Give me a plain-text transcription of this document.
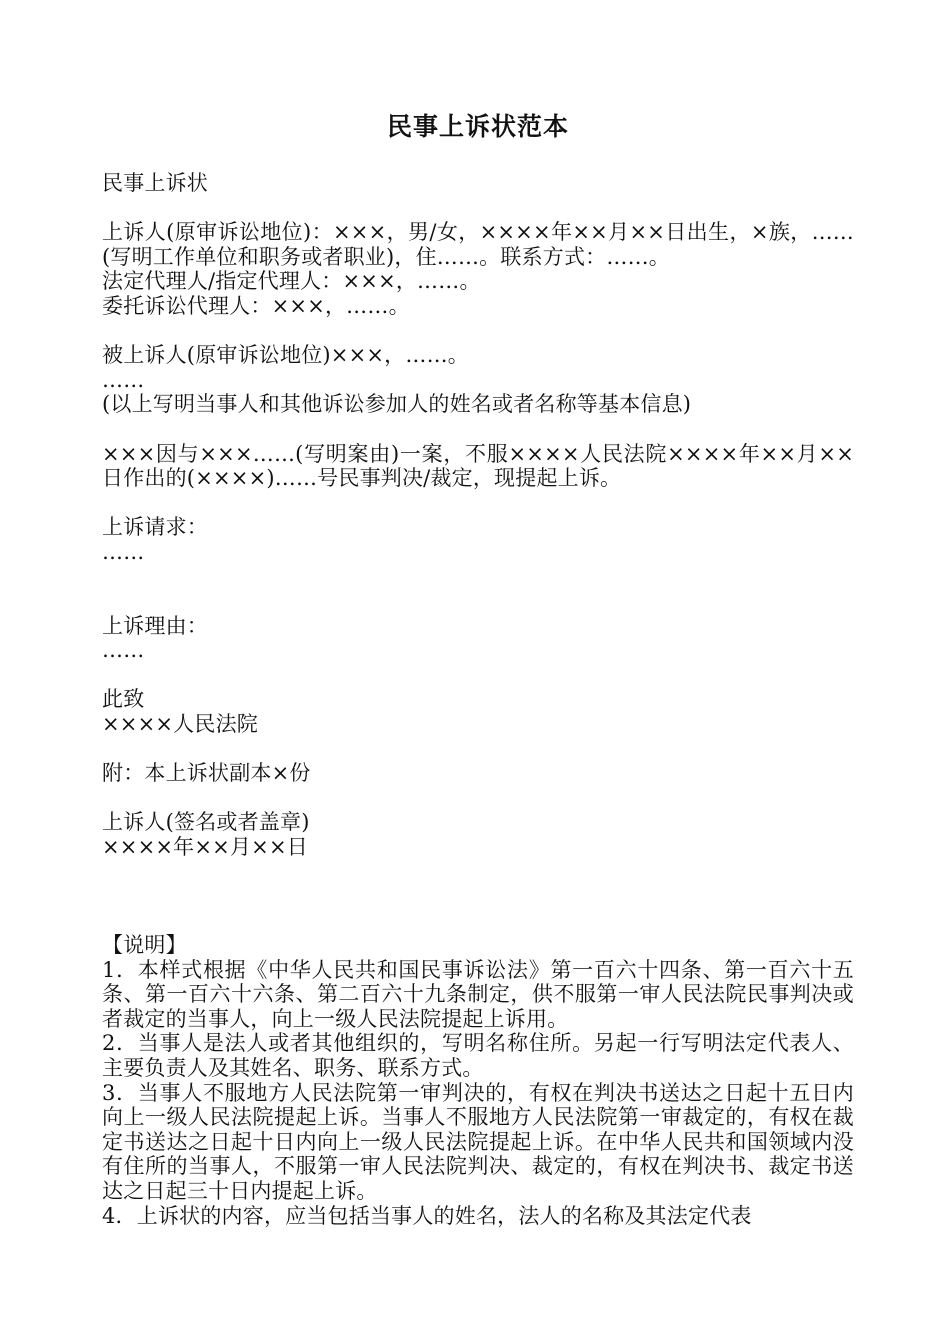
民事上诉状范本

民事上诉状

上诉人(原审诉讼地位)：×××，男/女，××××年××月××日出生，×族，……(写明工作单位和职务或者职业)，住……。联系方式：……。

法定代理人/指定代理人：×××，……。

委托诉讼代理人：×××，……。

被上诉人(原审诉讼地位)×××，……。

……

(以上写明当事人和其他诉讼参加人的姓名或者名称等基本信息)

×××因与×××……(写明案由)一案，不服××××人民法院××××年××月××日作出的(××××)……号民事判决/裁定，现提起上诉。

上诉请求：

……

上诉理由：

……

此致

××××人民法院

附：本上诉状副本×份

上诉人(签名或者盖章)

××××年××月××日

【说明】

1．本样式根据《中华人民共和国民事诉讼法》第一百六十四条、第一百六十五条、第一百六十六条、第二百六十九条制定，供不服第一审人民法院民事判决或者裁定的当事人，向上一级人民法院提起上诉用。

2．当事人是法人或者其他组织的，写明名称住所。另起一行写明法定代表人、主要负责人及其姓名、职务、联系方式。

3．当事人不服地方人民法院第一审判决的，有权在判决书送达之日起十五日内向上一级人民法院提起上诉。当事人不服地方人民法院第一审裁定的，有权在裁定书送达之日起十日内向上一级人民法院提起上诉。在中华人民共和国领域内没有住所的当事人，不服第一审人民法院判决、裁定的，有权在判决书、裁定书送达之日起三十日内提起上诉。

4．上诉状的内容，应当包括当事人的姓名，法人的名称及其法定代表
